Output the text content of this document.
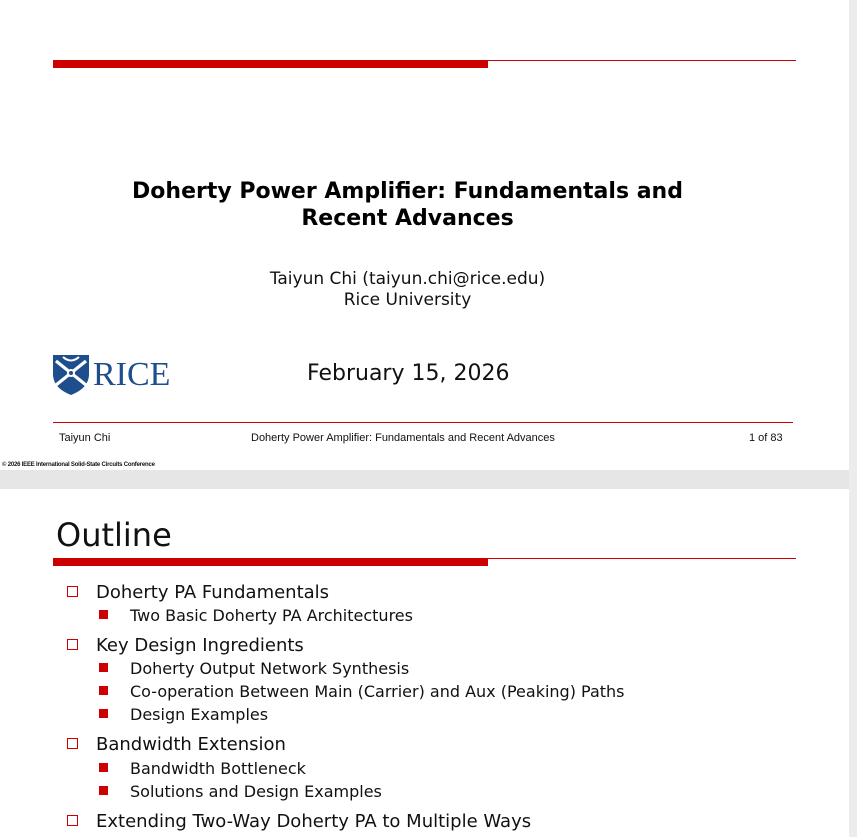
Doherty Power Amplifier: Fundamentals and
Recent Advances
Taiyun Chi (taiyun.chi@rice.edu)
Rice University
RICE	February 15, 2026
Taiyun Chi	Doherty Power Amplifier: Fundamentals and Recent Advances	1 of 83
© 2026 IEEE International Solid-State Circuits Conference
Outline
Doherty PA Fundamentals
Two Basic Doherty PA Architectures
Key Design Ingredients
Doherty Output Network Synthesis
Co-operation Between Main (Carrier) and Aux (Peaking) Paths
Design Examples
Bandwidth Extension
Bandwidth Bottleneck
Solutions and Design Examples
Extending Two-Way Doherty PA to Multiple Ways
